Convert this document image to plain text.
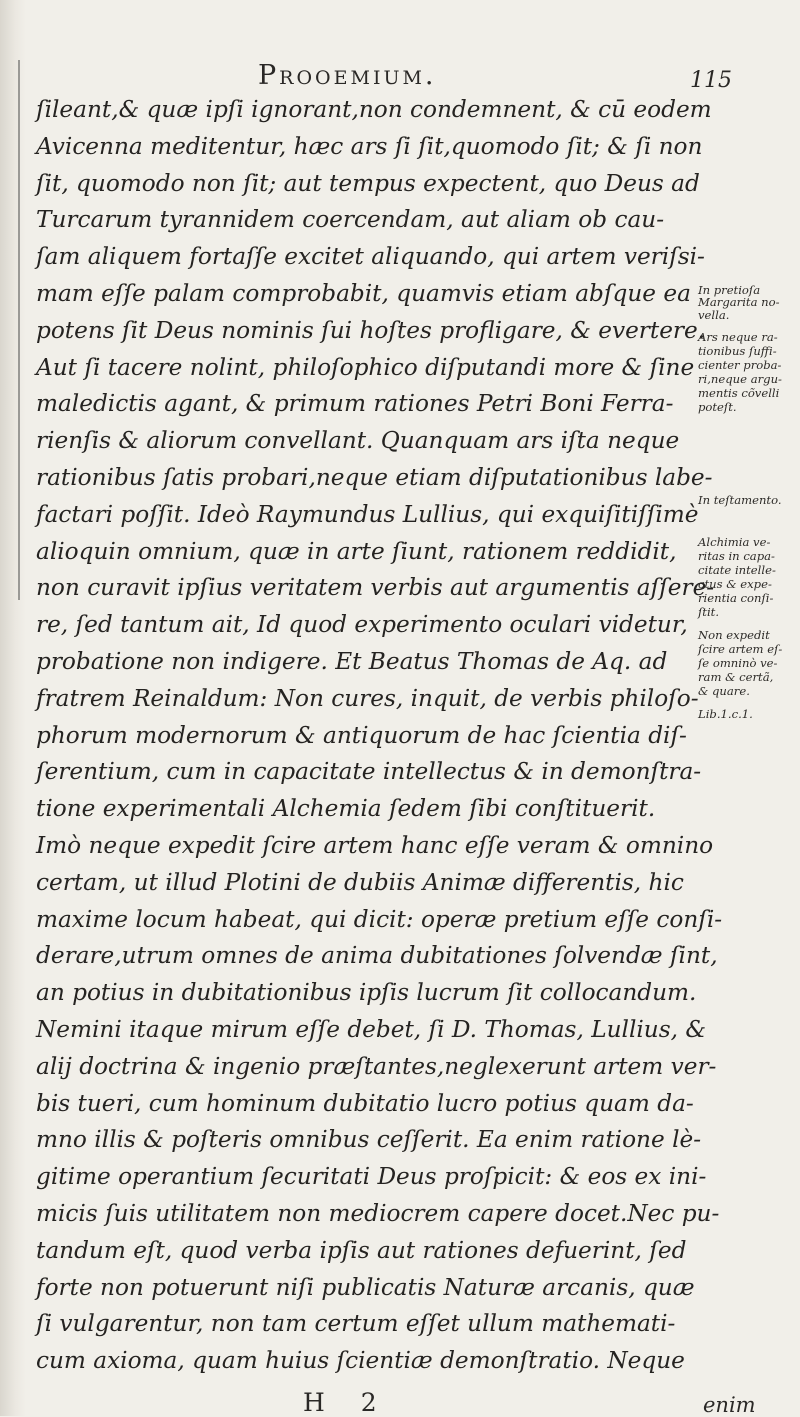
Prooemium.	115
In pretioſa
Margarita no-
vella.
Ars neque ra-
tionibus ſuffi-
cienter proba-
ri,neque argu-
mentis cõvelli
poteſt.
In teſtamento.
Alchimia ve-
ritas in capa-
citate intelle-
ctus & expe-
rientia conſi-
ſtit.
Non expedit
ſcire artem eſ-
ſe omninò ve-
ram & certã,
& quare.
Lib.1.c.1.
ſileant,& quæ ipſi ignorant,non condemnent, & cū eodem
Avicenna meditentur, hæc ars ſi ſit,quomodo ſit; & ſi non
ſit, quomodo non ſit; aut tempus expectent, quo Deus ad
Turcarum tyrannidem coercendam, aut aliam ob cau-
ſam aliquem fortaſſe excitet aliquando, qui artem veriſsi-
mam eſſe palam comprobabit, quamvis etiam abſque ea
potens ſit Deus nominis ſui hoſtes profligare, & evertere.
Aut ſi tacere nolint, philoſophico diſputandi more & ſine
maledictis agant, & primum rationes Petri Boni Ferra-
rienſis & aliorum convellant. Quanquam ars iſta neque
rationibus ſatis probari,neque etiam diſputationibus labe-
factari poſſit. Ideò Raymundus Lullius, qui exquiſitiſſimè
alioquin omnium, quæ in arte ſiunt, rationem reddidit,
non curavit ipſius veritatem verbis aut argumentis aſſere-
re, ſed tantum ait, Id quod experimento oculari videtur,
probatione non indigere. Et Beatus Thomas de Aq. ad
fratrem Reinaldum: Non cures, inquit, de verbis philoſo-
phorum modernorum & antiquorum de hac ſcientia diſ-
ſerentium, cum in capacitate intellectus & in demonſtra-
tione experimentali Alchemia ſedem ſibi conſtituerit.
Imò neque expedit ſcire artem hanc eſſe veram & omnino
certam, ut illud Plotini de dubiis Animæ differentis, hic
maxime locum habeat, qui dicit: operæ pretium eſſe conſi-
derare,utrum omnes de anima dubitationes ſolvendæ ſint,
an potius in dubitationibus ipſis lucrum ſit collocandum.
Nemini itaque mirum eſſe debet, ſi D. Thomas, Lullius, &
alij doctrina & ingenio præſtantes,neglexerunt artem ver-
bis tueri, cum hominum dubitatio lucro potius quam da-
mno illis & poſteris omnibus ceſſerit. Ea enim ratione lè-
gitime operantium ſecuritati Deus proſpicit: & eos ex ini-
micis ſuis utilitatem non mediocrem capere docet.Nec pu-
tandum eſt, quod verba ipſis aut rationes defuerint, ſed
forte non potuerunt niſi publicatis Naturæ arcanis, quæ
ſi vulgarentur, non tam certum eſſet ullum mathemati-
cum axioma, quam huius ſcientiæ demonſtratio. Neque
H 2	enim
